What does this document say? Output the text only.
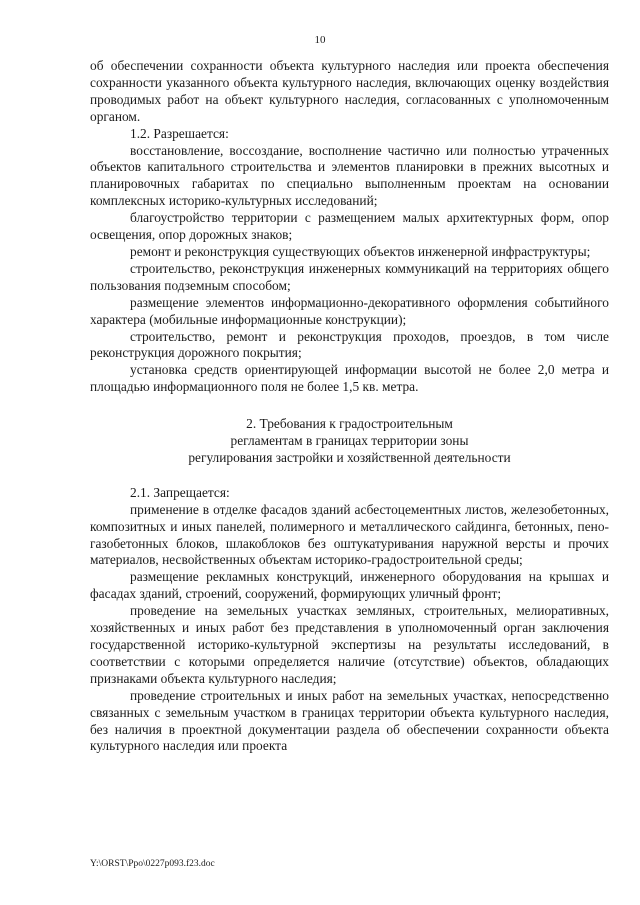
10

об обеспечении сохранности объекта культурного наследия или проекта обеспечения сохранности указанного объекта культурного наследия, включающих оценку воздействия проводимых работ на объект культурного наследия, согласованных с уполномоченным органом.

1.2. Разрешается:

восстановление, воссоздание, восполнение частично или полностью утраченных объектов капитального строительства и элементов планировки в прежних высотных и планировочных габаритах по специально выполненным проектам на основании комплексных историко-культурных исследований;

благоустройство территории с размещением малых архитектурных форм, опор освещения, опор дорожных знаков;

ремонт и реконструкция существующих объектов инженерной инфраструктуры;

строительство, реконструкция инженерных коммуникаций на территориях общего пользования подземным способом;

размещение элементов информационно-декоративного оформления событийного характера (мобильные информационные конструкции);

строительство, ремонт и реконструкция проходов, проездов, в том числе реконструкция дорожного покрытия;

установка средств ориентирующей информации высотой не более 2,0 метра и площадью информационного поля не более 1,5 кв. метра.

2. Требования к градостроительным
регламентам в границах территории зоны
регулирования застройки и хозяйственной деятельности

2.1. Запрещается:

применение в отделке фасадов зданий асбестоцементных листов, железобетонных, композитных и иных панелей, полимерного и металлического сайдинга, бетонных, пено-газобетонных блоков, шлакоблоков без оштукатуривания наружной версты и прочих материалов, несвойственных объектам историко-градостроительной среды;

размещение рекламных конструкций, инженерного оборудования на крышах и фасадах зданий, строений, сооружений, формирующих уличный фронт;

проведение на земельных участках земляных, строительных, мелиоративных, хозяйственных и иных работ без представления в уполномоченный орган заключения государственной историко-культурной экспертизы на результаты исследований, в соответствии с которыми определяется наличие (отсутствие) объектов, обладающих признаками объекта культурного наследия;

проведение строительных и иных работ на земельных участках, непосредственно связанных с земельным участком в границах территории объекта культурного наследия, без наличия в проектной документации раздела об обеспечении сохранности объекта культурного наследия или проекта

Y:\ORST\Ppo\0227p093.f23.doc
